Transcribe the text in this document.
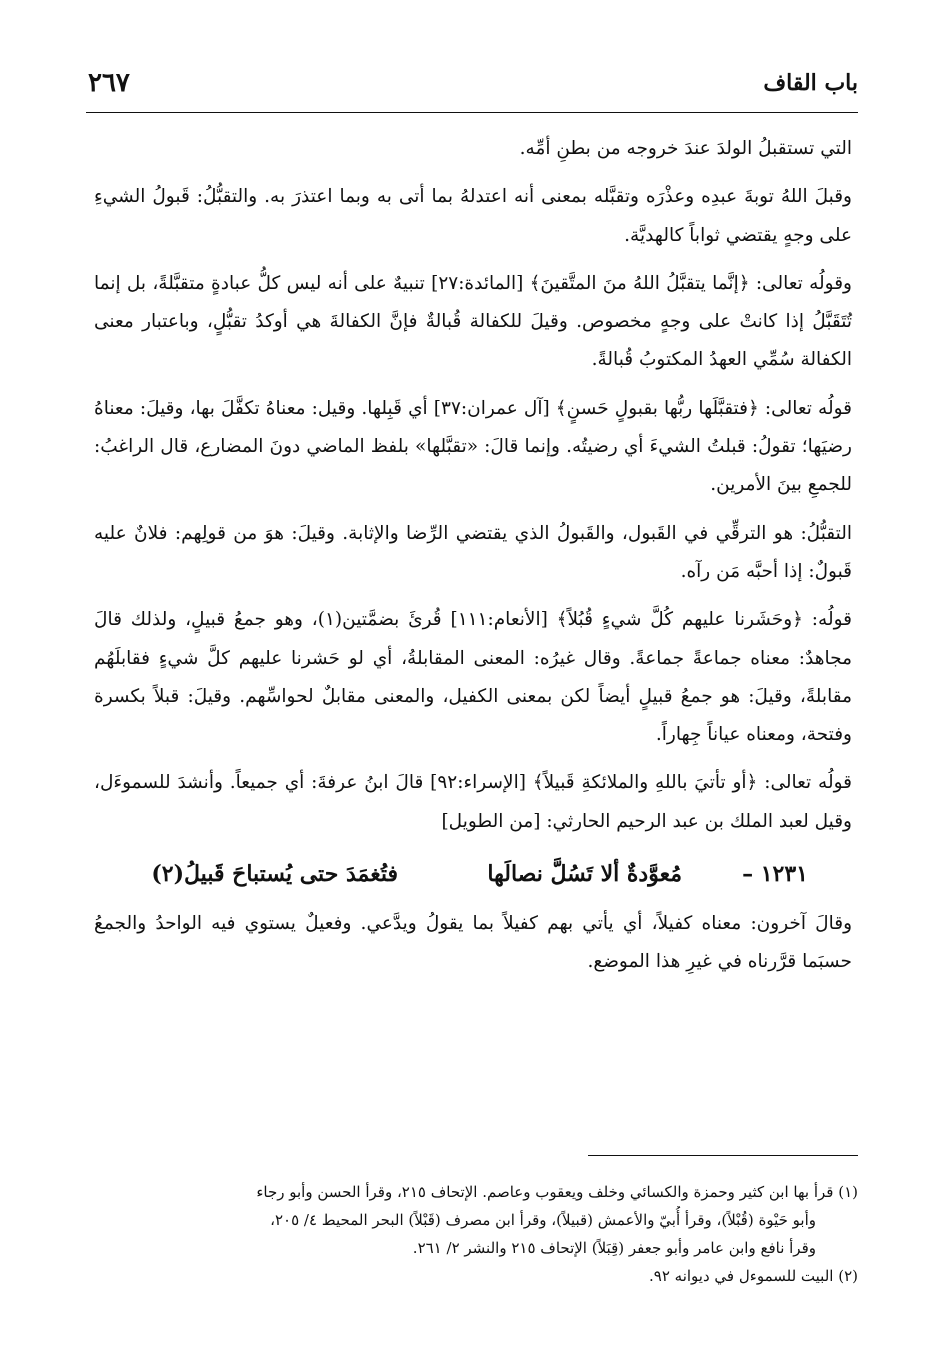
باب القاف
٢٦٧

التي تستقبلُ الولدَ عندَ خروجه من بطنِ أمِّه.

وقبلَ اللهُ توبةَ عبدِه وعذْرَه وتقبَّله بمعنى أنه اعتدلهُ بما أتى به وبما اعتذرَ به. والتقبُّلُ: قَبولُ الشيءِ على وجهٍ يقتضي ثواباً كالهديَّة.

وقولُه تعالى: ﴿إنَّما يتقبَّلُ اللهُ منَ المتَّقينَ﴾ [المائدة:٢٧] تنبيهٌ على أنه ليس كلُّ عبادةٍ متقبَّلةً، بل إنما تُتَقَبَّلُ إذا كانتْ على وجهٍ مخصوص. وقيلَ للكفالة قُبالةٌ فإنَّ الكفالةَ هي أوكدُ تقبُّلٍ، وباعتبار معنى الكفالة سُمِّي العهدُ المكتوبُ قُبالةً.

قولُه تعالى: ﴿فتقبَّلَها ربُّها بقبولٍ حَسنٍ﴾ [آل عمران:٣٧] أي قَبِلها. وقيل: معناهُ تكفَّلَ بها، وقيلَ: معناهُ رضيَها؛ تقولُ: قبلتُ الشيءَ أي رضيتُه. وإنما قالَ: «تقبَّلها» بلفظ الماضي دونَ المضارع، قال الراغبُ: للجمعِ بينَ الأمرين.

التقبُّلُ: هو الترقِّي في القَبول، والقَبولُ الذي يقتضي الرِّضا والإثابة. وقيلَ: هوَ من قولِهم: فلانٌ عليه قَبولٌ: إذا أحبَّه مَن رآه.

قولُه: ﴿وحَشَرنا عليهم كُلَّ شيءٍ قُبُلاً﴾ [الأنعام:١١١] قُرئَ بضمَّتين(١)، وهو جمعُ قبيلٍ، ولذلك قالَ مجاهدٌ: معناه جماعةً جماعةً. وقال غيرُه: المعنى المقابلةُ، أي لو حَشرنا عليهم كلَّ شيءٍ فقابلَهُم مقابلةً، وقيلَ: هو جمعُ قبيلٍ أيضاً لكن بمعنى الكفيل، والمعنى مقابلٌ لحواسِّهم. وقيلَ: قبلاً بكسرة وفتحة، ومعناه عياناً جِهاراً.

قولُه تعالى: ﴿أو تأتيَ باللهِ والملائكةِ قَبيلاً﴾ [الإسراء:٩٢] قالَ ابنُ عرفةَ: أي جميعاً. وأنشدَ للسموءَل، وقيل لعبد الملك بن عبد الرحيم الحارثي: [من الطويل]

١٢٣١ –
مُعوَّدةٌ ألا تَسُلَّ نصالَها
فتُغمَدَ حتى يُستباحَ قَبيلُ(٢)

وقالَ آخرون: معناه كفيلاً، أي يأتي بهم كفيلاً بما يقولُ ويدَّعي. وفعيلٌ يستوي فيه الواحدُ والجمعُ حسبَما قرَّرناه في غيرِ هذا الموضع.

(١) قرأ بها ابن كثير وحمزة والكسائي وخلف ويعقوب وعاصم. الإتحاف ٢١٥، وقرأ الحسن وأبو رجاء

وأبو حَيْوة (قُبْلاً)، وقرأ أُبيّ والأعمش (قبيلاً)، وقرأ ابن مصرف (قَبْلاً) البحر المحيط ٤/ ٢٠٥،

وقرأ نافع وابن عامر وأبو جعفر (قِبَلاً) الإتحاف ٢١٥ والنشر ٢/ ٢٦١.

(٢) البيت للسموءل في ديوانه ٩٢.
